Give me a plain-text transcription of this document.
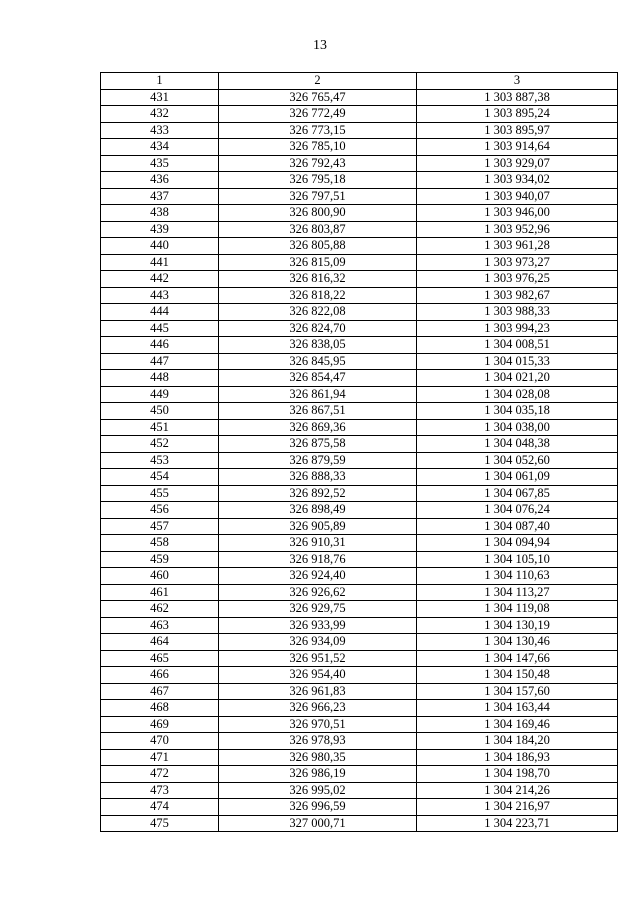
13
1	2	3
431	326 765,47	1 303 887,38
432	326 772,49	1 303 895,24
433	326 773,15	1 303 895,97
434	326 785,10	1 303 914,64
435	326 792,43	1 303 929,07
436	326 795,18	1 303 934,02
437	326 797,51	1 303 940,07
438	326 800,90	1 303 946,00
439	326 803,87	1 303 952,96
440	326 805,88	1 303 961,28
441	326 815,09	1 303 973,27
442	326 816,32	1 303 976,25
443	326 818,22	1 303 982,67
444	326 822,08	1 303 988,33
445	326 824,70	1 303 994,23
446	326 838,05	1 304 008,51
447	326 845,95	1 304 015,33
448	326 854,47	1 304 021,20
449	326 861,94	1 304 028,08
450	326 867,51	1 304 035,18
451	326 869,36	1 304 038,00
452	326 875,58	1 304 048,38
453	326 879,59	1 304 052,60
454	326 888,33	1 304 061,09
455	326 892,52	1 304 067,85
456	326 898,49	1 304 076,24
457	326 905,89	1 304 087,40
458	326 910,31	1 304 094,94
459	326 918,76	1 304 105,10
460	326 924,40	1 304 110,63
461	326 926,62	1 304 113,27
462	326 929,75	1 304 119,08
463	326 933,99	1 304 130,19
464	326 934,09	1 304 130,46
465	326 951,52	1 304 147,66
466	326 954,40	1 304 150,48
467	326 961,83	1 304 157,60
468	326 966,23	1 304 163,44
469	326 970,51	1 304 169,46
470	326 978,93	1 304 184,20
471	326 980,35	1 304 186,93
472	326 986,19	1 304 198,70
473	326 995,02	1 304 214,26
474	326 996,59	1 304 216,97
475	327 000,71	1 304 223,71
